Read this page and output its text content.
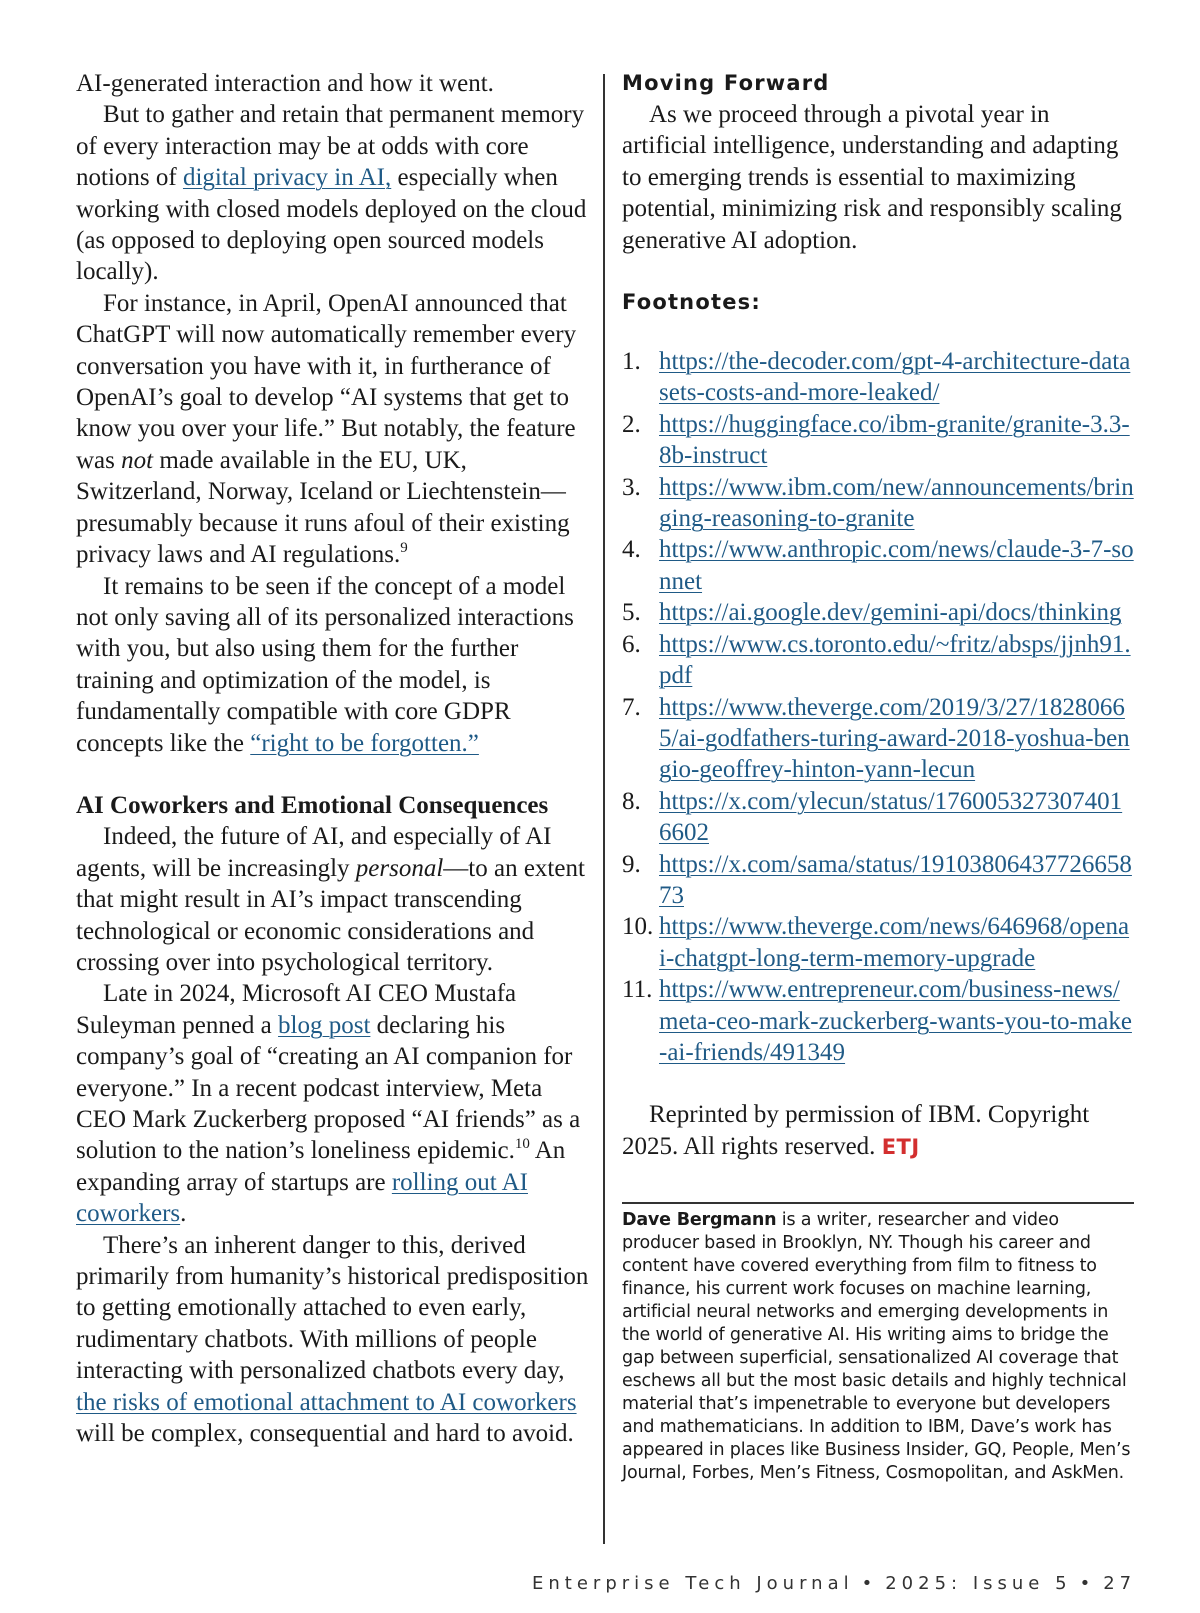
AI-generated interaction and how it went.

But to gather and retain that permanent memory of every interaction may be at odds with core notions of digital privacy in AI, especially when working with closed models deployed on the cloud (as opposed to deploying open sourced models locally).

For instance, in April, OpenAI announced that ChatGPT will now automatically remember every conversation you have with it, in furtherance of OpenAI’s goal to develop “AI systems that get to know you over your life.” But notably, the feature was not made available in the EU, UK, Switzerland, Norway, Iceland or Liechtenstein—presumably because it runs afoul of their existing privacy laws and AI regulations.$^9$

It remains to be seen if the concept of a model not only saving all of its personalized interactions with you, but also using them for the further training and optimization of the model, is fundamentally compatible with core GDPR concepts like the “right to be forgotten.”

AI Coworkers and Emotional Consequences

Indeed, the future of AI, and especially of AI agents, will be increasingly personal—to an extent that might result in AI’s impact transcending technological or economic considerations and crossing over into psychological territory.

Late in 2024, Microsoft AI CEO Mustafa Suleyman penned a blog post declaring his company’s goal of “creating an AI companion for everyone.” In a recent podcast interview, Meta CEO Mark Zuckerberg proposed “AI friends” as a solution to the nation’s loneliness epidemic.$^{10}$ An expanding array of startups are rolling out AI coworkers.

There’s an inherent danger to this, derived primarily from humanity’s historical predisposition to getting emotionally attached to even early, rudimentary chatbots. With millions of people interacting with personalized chatbots every day, the risks of emotional attachment to AI coworkers will be complex, consequential and hard to avoid.

Moving Forward

As we proceed through a pivotal year in artificial intelligence, understanding and adapting to emerging trends is essential to maximizing potential, minimizing risk and responsibly scaling generative AI adoption.

Footnotes:
1. https://the-decoder.com/gpt-4-architecture-datasets-costs-and-more-leaked/
2. https://huggingface.co/ibm-granite/granite-3.3-8b-instruct
3. https://www.ibm.com/new/announcements/bringing-reasoning-to-granite
4. https://www.anthropic.com/news/claude-3-7-sonnet
5. https://ai.google.dev/gemini-api/docs/thinking
6. https://www.cs.toronto.edu/~fritz/absps/jjnh91.pdf
7. https://www.theverge.com/2019/3/27/18280665/ai-godfathers-turing-award-2018-yoshua-bengio-geoffrey-hinton-yann-lecun
8. https://x.com/ylecun/status/1760053273074016602
9. https://x.com/sama/status/1910380643772665873
10. https://www.theverge.com/news/646968/openai-chatgpt-long-term-memory-upgrade
11. https://www.entrepreneur.com/business-news/meta-ceo-mark-zuckerberg-wants-you-to-make-ai-friends/491349

Reprinted by permission of IBM. Copyright 2025. All rights reserved. ETJ

Dave Bergmann is a writer, researcher and video producer based in Brooklyn, NY. Though his career and content have covered everything from film to fitness to finance, his current work focuses on machine learning, artificial neural networks and emerging developments in the world of generative AI. His writing aims to bridge the gap between superficial, sensationalized AI coverage that eschews all but the most basic details and highly technical material that’s impenetrable to everyone but developers and mathematicians. In addition to IBM, Dave’s work has appeared in places like Business Insider, GQ, People, Men’s Journal, Forbes, Men’s Fitness, Cosmopolitan, and AskMen.

Enterprise Tech Journal • 2025: Issue 5 • 27
